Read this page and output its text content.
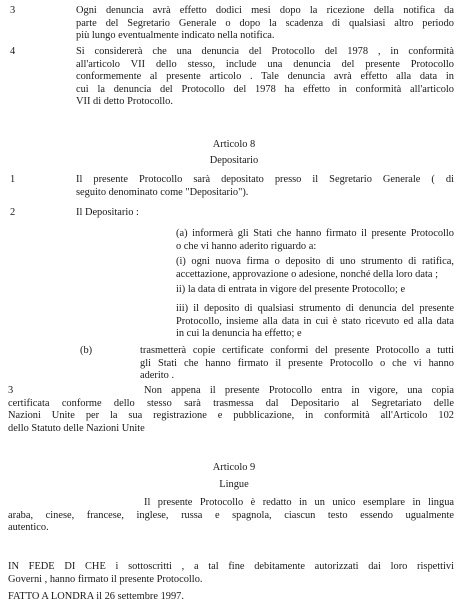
3	Ogni denuncia avrà effetto dodici mesi dopo la ricezione della notifica da

parte del Segretario Generale o dopo la scadenza di qualsiasi altro periodo

più lungo eventualmente indicato nella notifica.

4	Si considererà che una denuncia del Protocollo del 1978 , in conformità

all'articolo VII dello stesso, include una denuncia del presente Protocollo

conformemente al presente articolo . Tale denuncia avrà effetto alla data in

cui la denuncia del Protocollo del 1978 ha effetto in conformità all'articolo

VII di detto Protocollo.

Articolo 8
Depositario
1	Il presente Protocollo sarà depositato presso il Segretario Generale ( di

seguito denominato come "Depositario").

2	Il Depositario :

(a) informerà gli Stati che hanno firmato il presente Protocollo

o che vi hanno aderito riguardo a:

(i) ogni nuova firma o deposito di uno strumento di ratifica,

accettazione, approvazione o adesione, nonché della loro data ;

ii) la data di entrata in vigore del presente Protocollo; e

iii) il deposito di qualsiasi strumento di denuncia del presente

Protocollo, insieme alla data in cui è stato ricevuto ed alla data

in cui la denuncia ha effetto; e

(b)	trasmetterà copie certificate conformi del presente Protocollo a tutti

gli Stati che hanno firmato il presente Protocollo o che vi hanno

aderito .

3	Non appena il presente Protocollo entra in vigore, una copia

certificata conforme dello stesso sarà trasmessa dal Depositario al Segretariato delle

Nazioni Unite per la sua registrazione e pubblicazione, in conformità all'Articolo 102

dello Statuto delle Nazioni Unite

Articolo 9
Lingue

Il presente Protocollo è redatto in un unico esemplare in lingua

araba, cinese, francese, inglese, russa e spagnola, ciascun testo essendo ugualmente

autentico.

IN FEDE DI CHE i sottoscritti , a tal fine debitamente autorizzati dai loro rispettivi

Governi , hanno firmato il presente Protocollo.

FATTO A LONDRA il 26 settembre 1997.
